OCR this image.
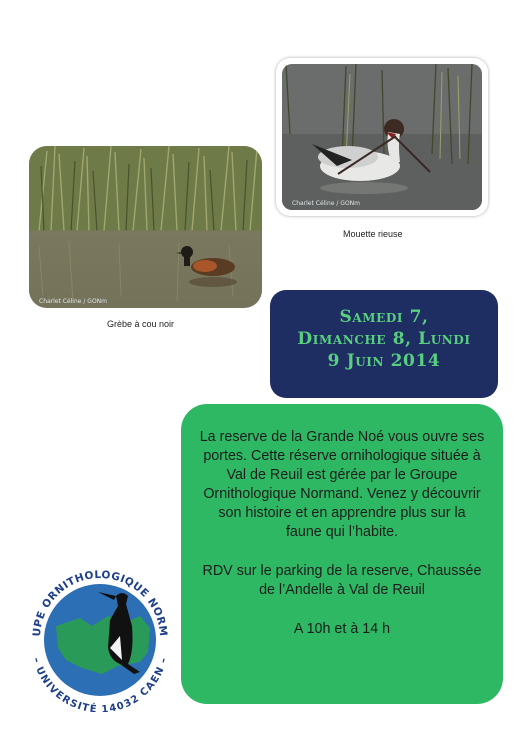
Charlet Céline / GONm
Grèbe à cou noir
Charlet Céline / GONm
Mouette rieuse
Samedi 7,
Dimanche 8, Lundi
9 Juin 2014

La reserve de la Grande Noé vous ouvre ses portes. Cette réserve ornihologique située à Val de Reuil est gérée par le Groupe Ornithologique Normand. Venez y découvrir son histoire et en apprendre plus sur la faune qui l’habite.

RDV sur le parking de la reserve, Chaussée de l’Andelle à Val de Reuil

A 10h et à 14 h

UPE ORNITHOLOGIQUE NORM
– UNIVERSITÉ 14032 CAEN –
